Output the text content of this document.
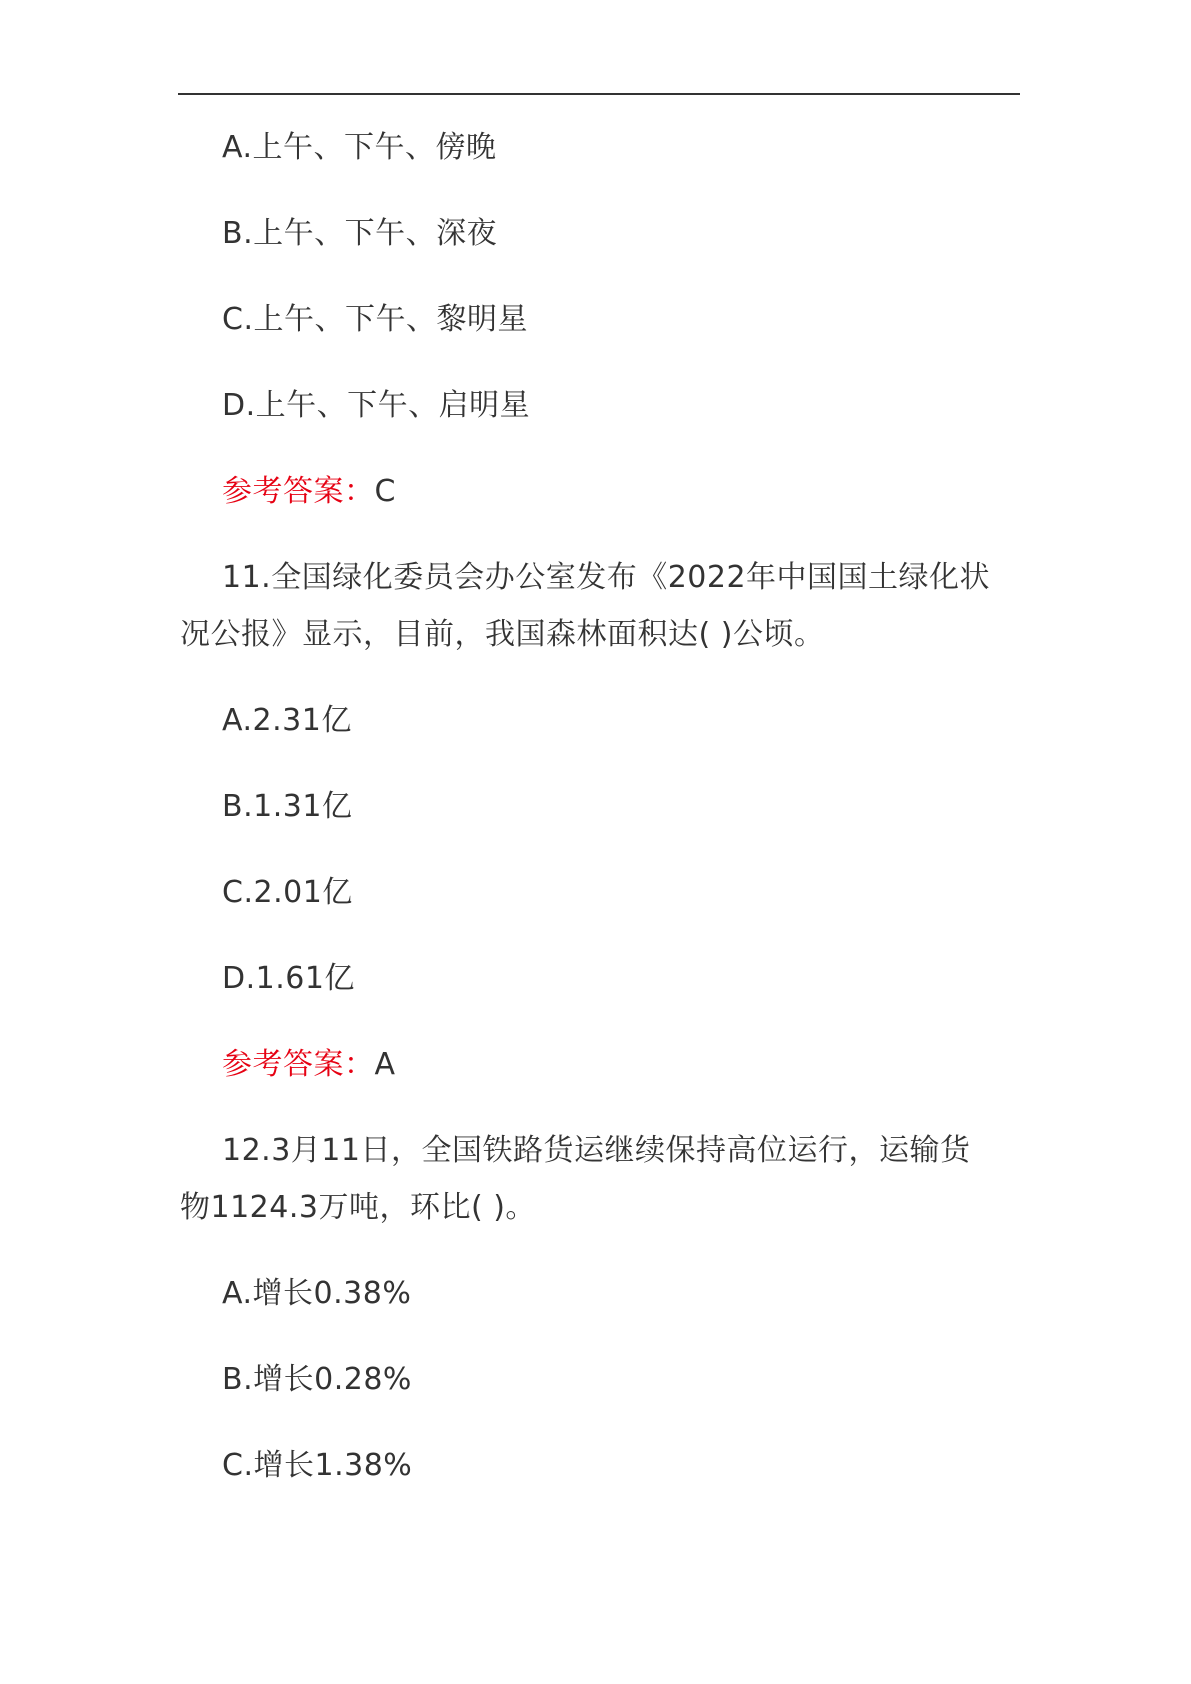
A.上午、下午、傍晚
B.上午、下午、深夜
C.上午、下午、黎明星
D.上午、下午、启明星
参考答案：C
11.全国绿化委员会办公室发布《2022年中国国土绿化状
况公报》显示，目前，我国森林面积达( )公顷。
A.2.31亿
B.1.31亿
C.2.01亿
D.1.61亿
参考答案：A
12.3月11日，全国铁路货运继续保持高位运行，运输货
物1124.3万吨，环比( )。
A.增长0.38%
B.增长0.28%
C.增长1.38%
